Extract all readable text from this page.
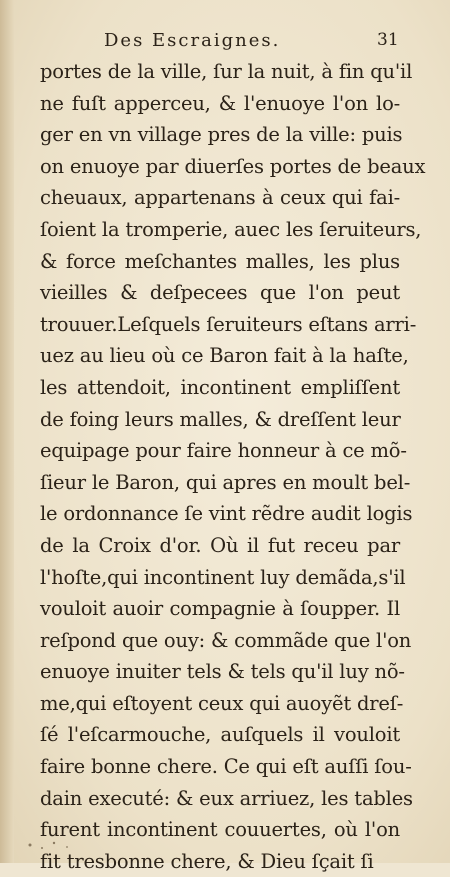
Des Escraignes.	31
portes de la ville, ſur la nuit, à fin qu'il
ne fuſt apperceu, & l'enuoye l'on lo-
ger en vn village pres de la ville: puis
on enuoye par diuerſes portes de beaux
cheuaux, appartenans à ceux qui fai-
ſoient la tromperie, auec les ſeruiteurs,
& force meſchantes malles, les plus
vieilles & deſpecees que l'on peut
trouuer.Leſquels ſeruiteurs eſtans arri-
uez au lieu où ce Baron fait à la haſte,
les attendoit, incontinent empliſſent
de foing leurs malles, & dreſſent leur
equipage pour faire honneur à ce mõ-
ſieur le Baron, qui apres en moult bel-
le ordonnance ſe vint rẽdre audit logis
de la Croix d'or. Où il fut receu par
l'hoſte,qui incontinent luy demãda,s'il
vouloit auoir compagnie à ſoupper. Il
reſpond que ouy: & commãde que l'on
enuoye inuiter tels & tels qu'il luy nõ-
me,qui eſtoyent ceux qui auoyẽt dreſ-
ſé l'eſcarmouche, auſquels il vouloit
faire bonne chere. Ce qui eſt auſſi ſou-
dain executé: & eux arriuez, les tables
furent incontinent couuertes, où l'on
fit tresbonne chere, & Dieu ſçait ſi
